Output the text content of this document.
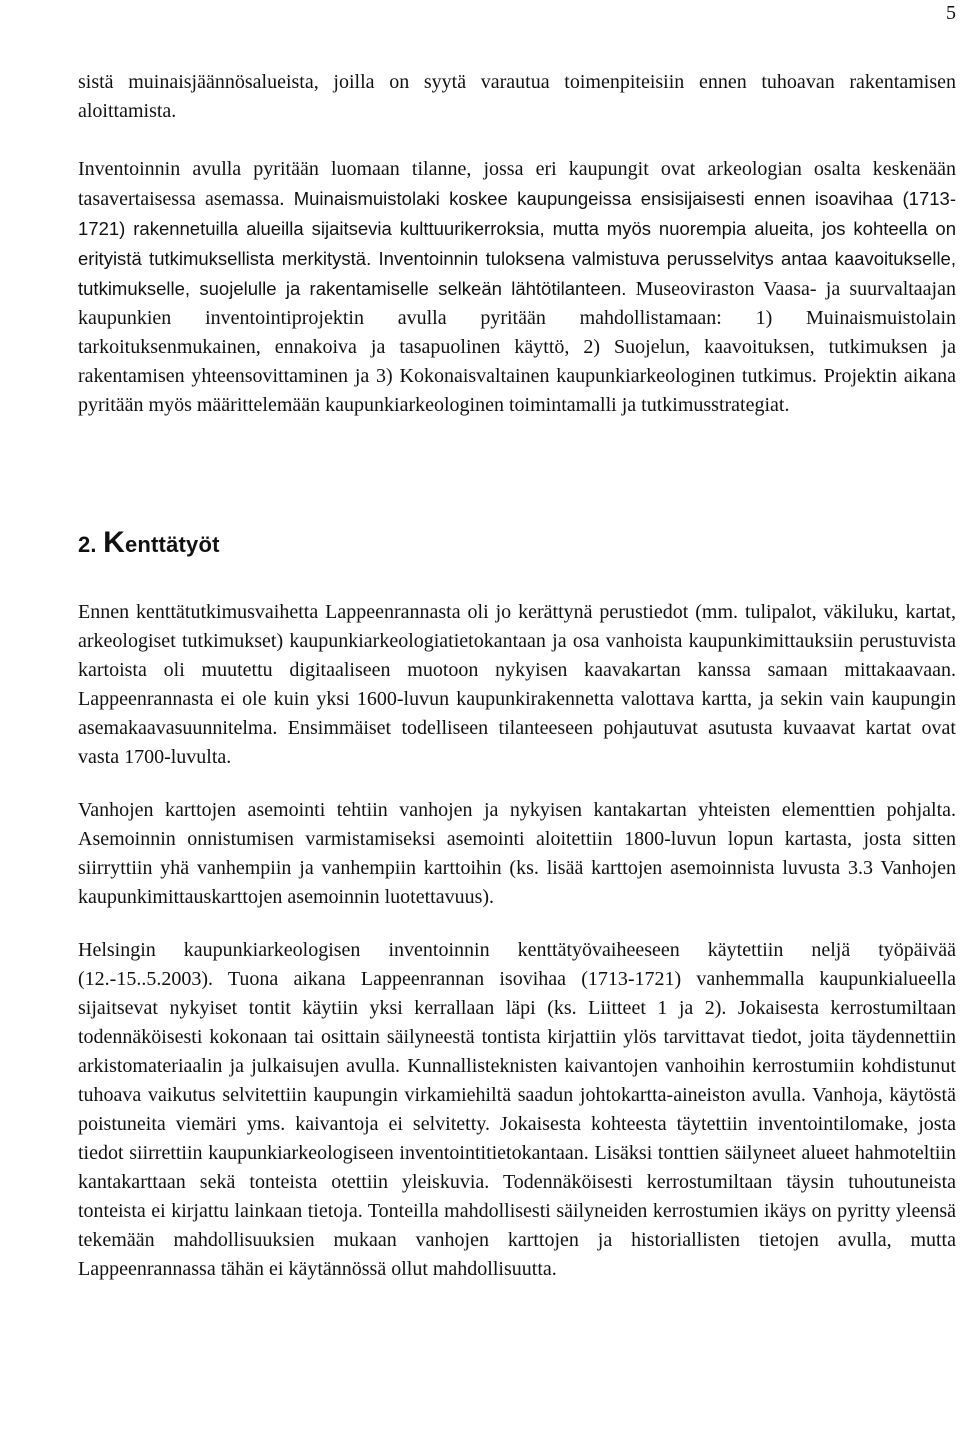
5

sistä muinaisjäännösalueista, joilla on syytä varautua toimenpiteisiin ennen tuhoavan rakentamisen aloittamista.

Inventoinnin avulla pyritään luomaan tilanne, jossa eri kaupungit ovat arkeologian osalta keskenään tasavertaisessa asemassa. Muinaismuistolaki koskee kaupungeissa ensisijaisesti ennen isoavihaa (1713-1721) rakennetuilla alueilla sijaitsevia kulttuurikerroksia, mutta myös nuorempia alueita, jos kohteella on erityistä tutkimuksellista merkitystä. Inventoinnin tuloksena valmistuva perusselvitys antaa kaavoitukselle, tutkimukselle, suojelulle ja rakentamiselle selkeän lähtötilanteen. Museoviraston Vaasa- ja suurvaltaajan kaupunkien inventointiprojektin avulla pyritään mahdollistamaan: 1) Muinaismuistolain tarkoituksenmukainen, ennakoiva ja tasapuolinen käyttö, 2) Suojelun, kaavoituksen, tutkimuksen ja rakentamisen yhteensovittaminen ja 3) Kokonaisvaltainen kaupunkiarkeologinen tutkimus. Projektin aikana pyritään myös määrittelemään kaupunkiarkeologinen toimintamalli ja tutkimusstrategiat.

2. Kenttätyöt

Ennen kenttätutkimusvaihetta Lappeenrannasta oli jo kerättynä perustiedot (mm. tulipalot, väkiluku, kartat, arkeologiset tutkimukset) kaupunkiarkeologiatietokantaan ja osa vanhoista kaupunkimittauksiin perustuvista kartoista oli muutettu digitaaliseen muotoon nykyisen kaavakartan kanssa samaan mittakaavaan. Lappeenrannasta ei ole kuin yksi 1600-luvun kaupunkirakennetta valottava kartta, ja sekin vain kaupungin asemakaavasuunnitelma. Ensimmäiset todelliseen tilanteeseen pohjautuvat asutusta kuvaavat kartat ovat vasta 1700-luvulta.

Vanhojen karttojen asemointi tehtiin vanhojen ja nykyisen kantakartan yhteisten elementtien pohjalta. Asemoinnin onnistumisen varmistamiseksi asemointi aloitettiin 1800-luvun lopun kartasta, josta sitten siirryttiin yhä vanhempiin ja vanhempiin karttoihin (ks. lisää karttojen asemoinnista luvusta 3.3 Vanhojen kaupunkimittauskarttojen asemoinnin luotettavuus).

Helsingin kaupunkiarkeologisen inventoinnin kenttätyövaiheeseen käytettiin neljä työpäivää (12.-15..5.2003). Tuona aikana Lappeenrannan isovihaa (1713-1721) vanhemmalla kaupunkialueella sijaitsevat nykyiset tontit käytiin yksi kerrallaan läpi (ks. Liitteet 1 ja 2). Jokaisesta kerrostumiltaan todennäköisesti kokonaan tai osittain säilyneestä tontista kirjattiin ylös tarvittavat tiedot, joita täydennettiin arkistomateriaalin ja julkaisujen avulla. Kunnallisteknisten kaivantojen vanhoihin kerrostumiin kohdistunut tuhoava vaikutus selvitettiin kaupungin virkamiehiltä saadun johtokartta-aineiston avulla. Vanhoja, käytöstä poistuneita viemäri yms. kaivantoja ei selvitetty. Jokaisesta kohteesta täytettiin inventointilomake, josta tiedot siirrettiin kaupunkiarkeologiseen inventointitietokantaan. Lisäksi tonttien säilyneet alueet hahmoteltiin kantakarttaan sekä tonteista otettiin yleiskuvia. Todennäköisesti kerrostumiltaan täysin tuhoutuneista tonteista ei kirjattu lainkaan tietoja. Tonteilla mahdollisesti säilyneiden kerrostumien ikäys on pyritty yleensä tekemään mahdollisuuksien mukaan vanhojen karttojen ja historiallisten tietojen avulla, mutta Lappeenrannassa tähän ei käytännössä ollut mahdollisuutta.
